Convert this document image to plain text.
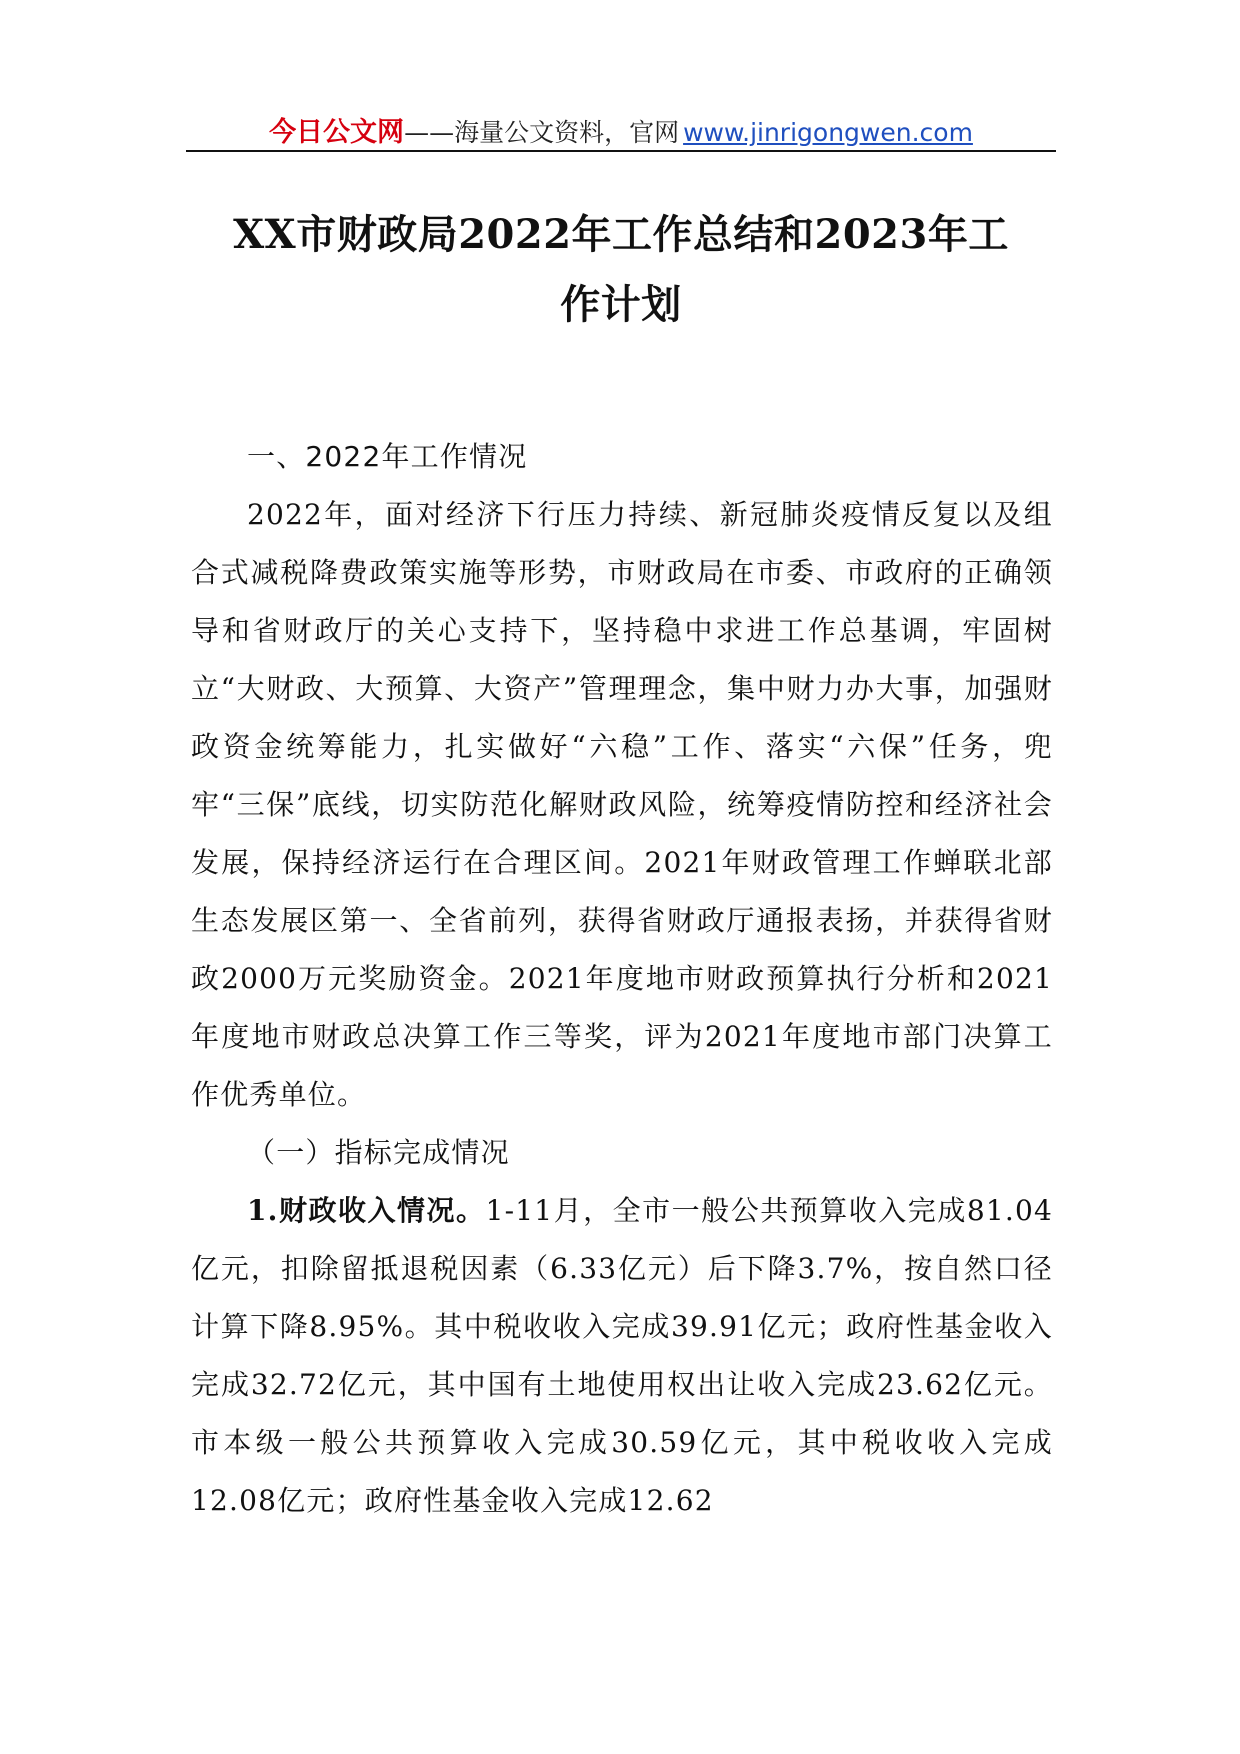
今日公文网 ——海量公文资料，官网 www.jinrigongwen.com
XX市财政局2022年工作总结和2023年工
作计划

一、2022年工作情况

2022年，面对经济下行压力持续、新冠肺炎疫情反复以及组合式减税降费政策实施等形势，市财政局在市委、市政府的正确领导和省财政厅的关心支持下，坚持稳中求进工作总基调，牢固树立“大财政、大预算、大资产”管理理念，集中财力办大事，加强财政资金统筹能力，扎实做好“六稳”工作、落实“六保”任务，兜牢“三保”底线，切实防范化解财政风险，统筹疫情防控和经济社会发展，保持经济运行在合理区间。2021年财政管理工作蝉联北部生态发展区第一、全省前列，获得省财政厅通报表扬，并获得省财政2000万元奖励资金。2021年度地市财政预算执行分析和2021年度地市财政总决算工作三等奖，评为2021年度地市部门决算工作优秀单位。

（一）指标完成情况

1.财政收入情况。1-11月，全市一般公共预算收入完成81.04亿元，扣除留抵退税因素（6.33亿元）后下降3.7%，按自然口径计算下降8.95%。其中税收收入完成39.91亿元；政府性基金收入完成32.72亿元，其中国有土地使用权出让收入完成23.62亿元。市本级一般公共预算收入完成30.59亿元，其中税收收入完成12.08亿元；政府性基金收入完成12.62
